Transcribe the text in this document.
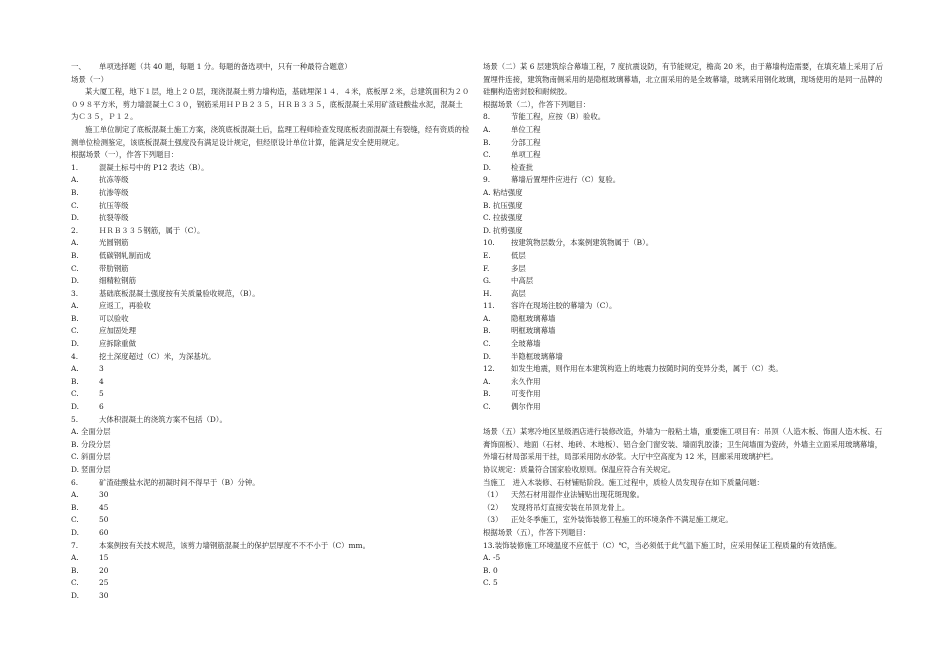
一、	单项选择题（共 40 题，每题 1 分。每题的备选项中，只有一种最符合题意）
场景（一）
某大厦工程，地下１层，地上２０层，现浇混凝土剪力墙构造，基础埋深１４．４米，底板厚２米，总建筑面积为２００９８平方米，剪力墙混凝土Ｃ３０，钢筋采用ＨＰＢ２３５，ＨＲＢ３３５，底板混凝土采用矿渣硅酸盐水泥，混凝土为Ｃ３５，Ｐ１２。
施工单位制定了底板混凝土施工方案，浇筑底板混凝土后，监理工程师检查发现底板表面混凝土有裂缝，经有资质的检测单位检测鉴定，该底板混凝土强度没有满足设计规定，但经原设计单位计算，能满足安全使用规定。
根据场景（一），作答下列题目：
1.	混凝土标号中的 P12 表达（B）。
A.	抗冻等级
B.	抗渗等级
C.	抗压等级
D.	抗裂等级
2.	ＨＲＢ３３５钢筋，属于（C）。
A.	光圆钢筋
B.	低碳钢轧制而成
C.	带肋钢筋
D.	细精粒钢筋
3.	基础底板混凝土强度按有关质量验收规范，（B）。
A.	应返工，再验收
B.	可以验收
C.	应加固处理
D.	应拆除重做
4.	挖土深度超过（C）米，为深基坑。
A.	3
B.	4
C.	5
D.	6
5.	大体积混凝土的浇筑方案不包括（D）。
A. 全面分层
B. 分段分层
C. 斜面分层
D. 竖面分层
6.	矿渣硅酸盐水泥的初凝时间不得早于（B）分钟。
A.	30
B.	45
C.	50
D.	60
7.	本案例按有关技术规范，该剪力墙钢筋混凝土的保护层厚度不不不小于（C）mm。
A.	15
B.	20
C.	25
D.	30
场景（二）某 6 层建筑综合幕墙工程，7 度抗震设防，有节能规定，檐高 20 米，由于幕墙构造需要，在填充墙上采用了后置埋件连接，建筑物南侧采用的是隐框玻璃幕墙，北立面采用的是全玻幕墙，玻璃采用钢化玻璃，现场使用的是同一品牌的硅酮构造密封胶和耐候胶。
根据场景（二），作答下列题目：
8.	节能工程，应按（B）验收。
A.	单位工程
B.	分部工程
C.	单项工程
D.	检查批
9.	幕墙后置埋件应进行（C）复验。
A. 粘结强度
B. 抗压强度
C. 拉拔强度
D. 抗剪强度
10.	按建筑物层数分，本案例建筑物属于（B）。
E.	低层
F.	多层
G.	中高层
H.	高层
11.	容许在现场注胶的幕墙为（C）。
A.	隐框玻璃幕墙
B.	明框玻璃幕墙
C.	全玻幕墙
D.	半隐框玻璃幕墙
12.	如发生地震，则作用在本建筑构造上的地震力按随时间的变异分类，属于（C）类。
A.	永久作用
B.	可变作用
C.	偶尔作用
场景（五）某寒冷地区星级酒店进行装修改造，外墙为一般粘土墙，重要施工项目有：吊顶（人造木板、饰面人造木板、石膏饰面板）、地面（石材、地砖、木地板）、铝合金门窗安装、墙面乳胶漆；卫生间墙面为瓷砖，外墙主立面采用玻璃幕墙，外墙石材局部采用干挂，局部采用防水砂浆。大厅中空高度为 12 米，回廊采用玻璃护栏。
协议规定：质量符合国家验收原则。保温应符合有关规定。
当施工　进入木装修、石材铺贴阶段。施工过程中，质检人员发现存在如下质量问题：
（1）	天然石材用湿作业法铺贴出现花斑现象。
（2）	发现将吊灯直接安装在吊顶龙骨上。
（3）	正处冬季施工，室外装饰装修工程施工的环境条件不满足施工规定。
根据场景（五），作答下列题目：
13.装饰装修施工环境温度不应低于（C）℃，当必须低于此气温下施工时，应采用保证工程质量的有效措施。
A. -5
B. 0
C. 5
